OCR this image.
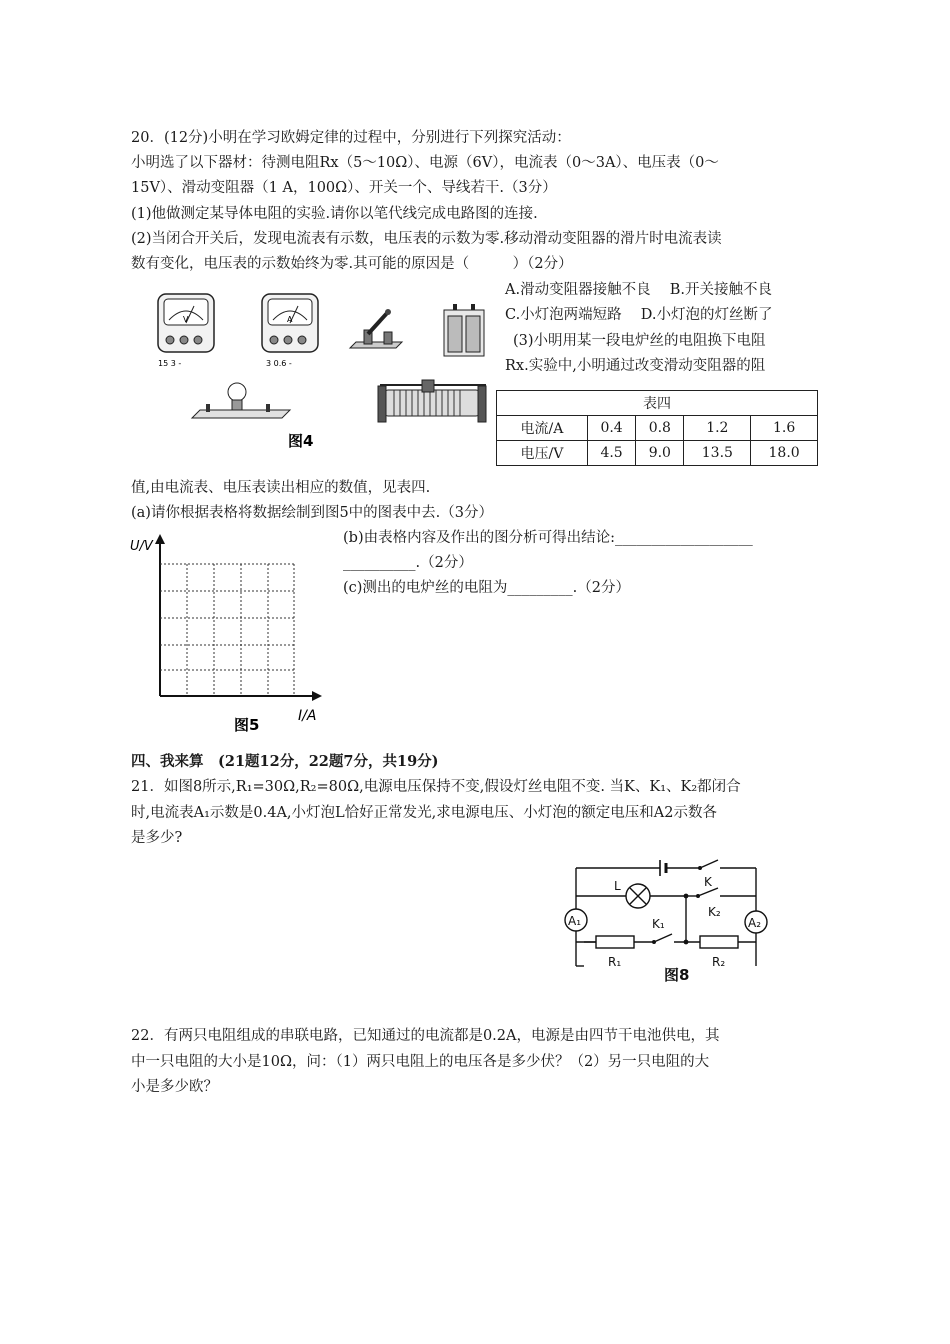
20．(12分)小明在学习欧姆定律的过程中，分别进行下列探究活动：
小明选了以下器材：待测电阻Rx（5～10Ω）、电源（6V），电流表（0～3A）、电压表（0～
15V）、滑动变阻器（1 A，100Ω）、开关一个、导线若干.（3分）
(1)他做测定某导体电阻的实验.请你以笔代线完成电路图的连接.
(2)当闭合开关后，发现电流表有示数，电压表的示数为零.移动滑动变阻器的滑片时电流表读
数有变化，电压表的示数始终为零.其可能的原因是（　　　）（2分）
A.滑动变阻器接触不良　 B.开关接触不良
C.小灯泡两端短路　 D.小灯泡的灯丝断了
(3)小明用某一段电炉丝的电阻换下电阻
Rx.实验中,小明通过改变滑动变阻器的阻
V
15 3 -
A
3 0.6 -
图4
表四				
电流/A	0.4	0.8	1.2	1.6
电压/V	4.5	9.0	13.5	18.0
值,由电流表、电压表读出相应的数值，见表四.
(a)请你根据表格将数据绘制到图5中的图表中去.（3分）
(b)由表格内容及作出的图分析可得出结论:___________________
__________.（2分）
(c)测出的电炉丝的电阻为_________.（2分）
U/V
I/A
图5
四、我来算　(21题12分，22题7分，共19分)
21．如图8所示,R₁=30Ω,R₂=80Ω,电源电压保持不变,假设灯丝电阻不变. 当K、K₁、K₂都闭合
时,电流表A₁示数是0.4A,小灯泡L恰好正常发光,求电源电压、小灯泡的额定电压和A2示数各
是多少?
A₁	A₂
L	K
K₂
K₁
R₁	R₂
图8
22．有两只电阻组成的串联电路，已知通过的电流都是0.2A，电源是由四节干电池供电，其
中一只电阻的大小是10Ω，问：（1）两只电阻上的电压各是多少伏？（2）另一只电阻的大
小是多少欧？
